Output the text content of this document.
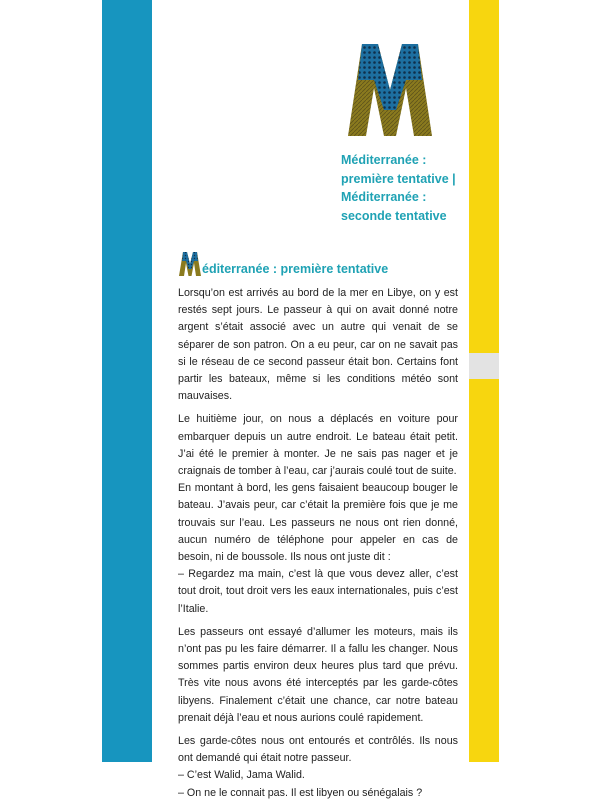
Méditerranée :
première tentative |
Méditerranée :
seconde tentative
éditerranée : première tentative

Lorsqu’on est arrivés au bord de la mer en Libye, on y est restés sept jours. Le passeur à qui on avait donné notre argent s’était associé avec un autre qui venait de se séparer de son patron. On a eu peur, car on ne savait pas si le réseau de ce second passeur était bon. Certains font partir les bateaux, même si les conditions météo sont mauvaises.

Le huitième jour, on nous a déplacés en voiture pour embarquer depuis un autre endroit. Le bateau était petit. J’ai été le premier à monter. Je ne sais pas nager et je craignais de tomber à l’eau, car j’aurais coulé tout de suite.

En montant à bord, les gens faisaient beaucoup bouger le bateau. J’avais peur, car c’était la première fois que je me trouvais sur l’eau. Les passeurs ne nous ont rien donné, aucun numéro de téléphone pour appeler en cas de besoin, ni de boussole. Ils nous ont juste dit :

– Regardez ma main, c’est là que vous devez aller, c’est tout droit, tout droit vers les eaux internationales, puis c’est l’Italie.

Les passeurs ont essayé d’allumer les moteurs, mais ils n’ont pas pu les faire démarrer. Il a fallu les changer. Nous sommes partis environ deux heures plus tard que prévu. Très vite nous avons été interceptés par les garde-côtes libyens. Finalement c’était une chance, car notre bateau prenait déjà l’eau et nous aurions coulé rapidement.

Les garde-côtes nous ont entourés et contrôlés. Ils nous ont demandé qui était notre passeur.

– C’est Walid, Jama Walid.

– On ne le connait pas. Il est libyen ou sénégalais ?
